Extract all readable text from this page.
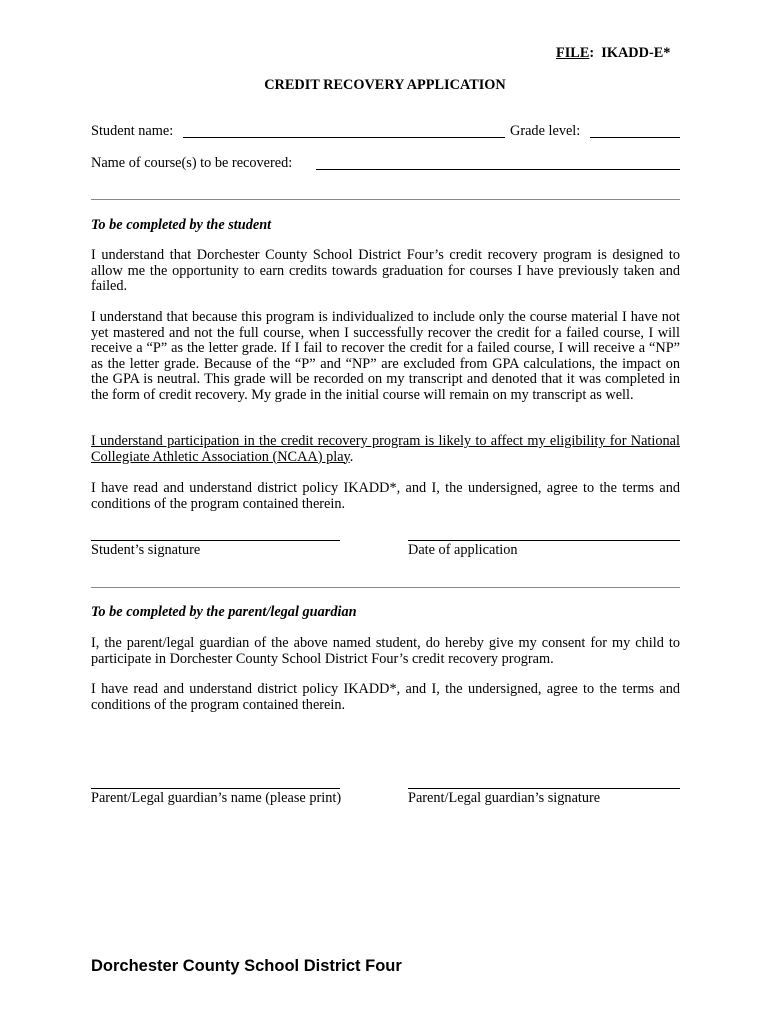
FILE: IKADD-E*
CREDIT RECOVERY APPLICATION
Student name:	Grade level:
Name of course(s) to be recovered:
To be completed by the student
I understand that Dorchester County School District Four’s credit recovery program is designed to allow me the opportunity to earn credits towards graduation for courses I have previously taken and failed.
I understand that because this program is individualized to include only the course material I have not yet mastered and not the full course, when I successfully recover the credit for a failed course, I will receive a “P” as the letter grade. If I fail to recover the credit for a failed course, I will receive a “NP” as the letter grade. Because of the “P” and “NP” are excluded from GPA calculations, the impact on the GPA is neutral. This grade will be recorded on my transcript and denoted that it was completed in the form of credit recovery. My grade in the initial course will remain on my transcript as well.
I understand participation in the credit recovery program is likely to affect my eligibility for National Collegiate Athletic Association (NCAA) play.
I have read and understand district policy IKADD*, and I, the undersigned, agree to the terms and conditions of the program contained therein.
Student’s signature	Date of application
To be completed by the parent/legal guardian
I, the parent/legal guardian of the above named student, do hereby give my consent for my child to participate in Dorchester County School District Four’s credit recovery program.
I have read and understand district policy IKADD*, and I, the undersigned, agree to the terms and conditions of the program contained therein.
Parent/Legal guardian’s name (please print)	Parent/Legal guardian’s signature
Dorchester County School District Four
